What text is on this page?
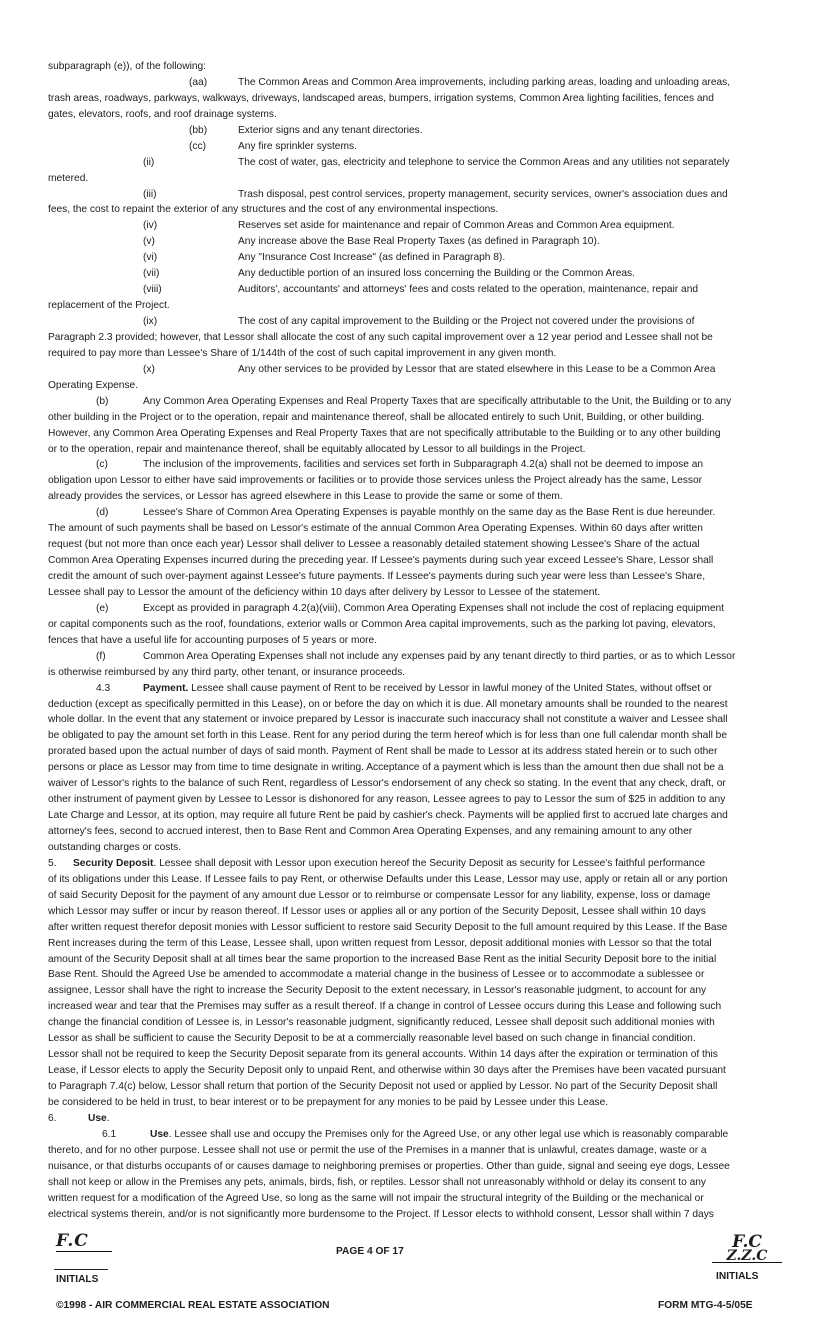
subparagraph (e)), of the following:
(aa)	The Common Areas and Common Area improvements, including parking areas, loading and unloading areas,
trash areas, roadways, parkways, walkways, driveways, landscaped areas, bumpers, irrigation systems, Common Area lighting facilities, fences and
gates, elevators, roofs, and roof drainage systems.
(bb)	Exterior signs and any tenant directories.
(cc)	Any fire sprinkler systems.
(ii)	The cost of water, gas, electricity and telephone to service the Common Areas and any utilities not separately
metered.
(iii)	Trash disposal, pest control services, property management, security services, owner's association dues and
fees, the cost to repaint the exterior of any structures and the cost of any environmental inspections.
(iv)	Reserves set aside for maintenance and repair of Common Areas and Common Area equipment.
(v)	Any increase above the Base Real Property Taxes (as defined in Paragraph 10).
(vi)	Any "Insurance Cost Increase" (as defined in Paragraph 8).
(vii)	Any deductible portion of an insured loss concerning the Building or the Common Areas.
(viii)	Auditors', accountants' and attorneys' fees and costs related to the operation, maintenance, repair and
replacement of the Project.
(ix)	The cost of any capital improvement to the Building or the Project not covered under the provisions of
Paragraph 2.3 provided; however, that Lessor shall allocate the cost of any such capital improvement over a 12 year period and Lessee shall not be
required to pay more than Lessee's Share of 1/144th of the cost of such capital improvement in any given month.
(x)	Any other services to be provided by Lessor that are stated elsewhere in this Lease to be a Common Area
Operating Expense.
(b)	Any Common Area Operating Expenses and Real Property Taxes that are specifically attributable to the Unit, the Building or to any
other building in the Project or to the operation, repair and maintenance thereof, shall be allocated entirely to such Unit, Building, or other building.
However, any Common Area Operating Expenses and Real Property Taxes that are not specifically attributable to the Building or to any other building
or to the operation, repair and maintenance thereof, shall be equitably allocated by Lessor to all buildings in the Project.
(c)	The inclusion of the improvements, facilities and services set forth in Subparagraph 4.2(a) shall not be deemed to impose an
obligation upon Lessor to either have said improvements or facilities or to provide those services unless the Project already has the same, Lessor
already provides the services, or Lessor has agreed elsewhere in this Lease to provide the same or some of them.
(d)	Lessee's Share of Common Area Operating Expenses is payable monthly on the same day as the Base Rent is due hereunder.
The amount of such payments shall be based on Lessor's estimate of the annual Common Area Operating Expenses. Within 60 days after written
request (but not more than once each year) Lessor shall deliver to Lessee a reasonably detailed statement showing Lessee's Share of the actual
Common Area Operating Expenses incurred during the preceding year. If Lessee's payments during such year exceed Lessee's Share, Lessor shall
credit the amount of such over-payment against Lessee's future payments. If Lessee's payments during such year were less than Lessee's Share,
Lessee shall pay to Lessor the amount of the deficiency within 10 days after delivery by Lessor to Lessee of the statement.
(e)	Except as provided in paragraph 4.2(a)(viii), Common Area Operating Expenses shall not include the cost of replacing equipment
or capital components such as the roof, foundations, exterior walls or Common Area capital improvements, such as the parking lot paving, elevators,
fences that have a useful life for accounting purposes of 5 years or more.
(f)	Common Area Operating Expenses shall not include any expenses paid by any tenant directly to third parties, or as to which Lessor
is otherwise reimbursed by any third party, other tenant, or insurance proceeds.
4.3	Payment. Lessee shall cause payment of Rent to be received by Lessor in lawful money of the United States, without offset or
deduction (except as specifically permitted in this Lease), on or before the day on which it is due. All monetary amounts shall be rounded to the nearest
whole dollar. In the event that any statement or invoice prepared by Lessor is inaccurate such inaccuracy shall not constitute a waiver and Lessee shall
be obligated to pay the amount set forth in this Lease. Rent for any period during the term hereof which is for less than one full calendar month shall be
prorated based upon the actual number of days of said month. Payment of Rent shall be made to Lessor at its address stated herein or to such other
persons or place as Lessor may from time to time designate in writing. Acceptance of a payment which is less than the amount then due shall not be a
waiver of Lessor's rights to the balance of such Rent, regardless of Lessor's endorsement of any check so stating. In the event that any check, draft, or
other instrument of payment given by Lessee to Lessor is dishonored for any reason, Lessee agrees to pay to Lessor the sum of $25 in addition to any
Late Charge and Lessor, at its option, may require all future Rent be paid by cashier's check. Payments will be applied first to accrued late charges and
attorney's fees, second to accrued interest, then to Base Rent and Common Area Operating Expenses, and any remaining amount to any other
outstanding charges or costs.
5. Security Deposit. Lessee shall deposit with Lessor upon execution hereof the Security Deposit as security for Lessee's faithful performance
of its obligations under this Lease. If Lessee fails to pay Rent, or otherwise Defaults under this Lease, Lessor may use, apply or retain all or any portion
of said Security Deposit for the payment of any amount due Lessor or to reimburse or compensate Lessor for any liability, expense, loss or damage
which Lessor may suffer or incur by reason thereof. If Lessor uses or applies all or any portion of the Security Deposit, Lessee shall within 10 days
after written request therefor deposit monies with Lessor sufficient to restore said Security Deposit to the full amount required by this Lease. If the Base
Rent increases during the term of this Lease, Lessee shall, upon written request from Lessor, deposit additional monies with Lessor so that the total
amount of the Security Deposit shall at all times bear the same proportion to the increased Base Rent as the initial Security Deposit bore to the initial
Base Rent. Should the Agreed Use be amended to accommodate a material change in the business of Lessee or to accommodate a sublessee or
assignee, Lessor shall have the right to increase the Security Deposit to the extent necessary, in Lessor's reasonable judgment, to account for any
increased wear and tear that the Premises may suffer as a result thereof. If a change in control of Lessee occurs during this Lease and following such
change the financial condition of Lessee is, in Lessor's reasonable judgment, significantly reduced, Lessee shall deposit such additional monies with
Lessor as shall be sufficient to cause the Security Deposit to be at a commercially reasonable level based on such change in financial condition.
Lessor shall not be required to keep the Security Deposit separate from its general accounts. Within 14 days after the expiration or termination of this
Lease, if Lessor elects to apply the Security Deposit only to unpaid Rent, and otherwise within 30 days after the Premises have been vacated pursuant
to Paragraph 7.4(c) below, Lessor shall return that portion of the Security Deposit not used or applied by Lessor. No part of the Security Deposit shall
be considered to be held in trust, to bear interest or to be prepayment for any monies to be paid by Lessee under this Lease.
6.	Use.
6.1	Use. Lessee shall use and occupy the Premises only for the Agreed Use, or any other legal use which is reasonably comparable
thereto, and for no other purpose. Lessee shall not use or permit the use of the Premises in a manner that is unlawful, creates damage, waste or a
nuisance, or that disturbs occupants of or causes damage to neighboring premises or properties. Other than guide, signal and seeing eye dogs, Lessee
shall not keep or allow in the Premises any pets, animals, birds, fish, or reptiles. Lessor shall not unreasonably withhold or delay its consent to any
written request for a modification of the Agreed Use, so long as the same will not impair the structural integrity of the Building or the mechanical or
electrical systems therein, and/or is not significantly more burdensome to the Project. If Lessor elects to withhold consent, Lessor shall within 7 days
F.C
INITIALS
PAGE 4 OF 17	F.C
Z.Z.C
INITIALS
©1998 - AIR COMMERCIAL REAL ESTATE ASSOCIATION	FORM MTG-4-5/05E
